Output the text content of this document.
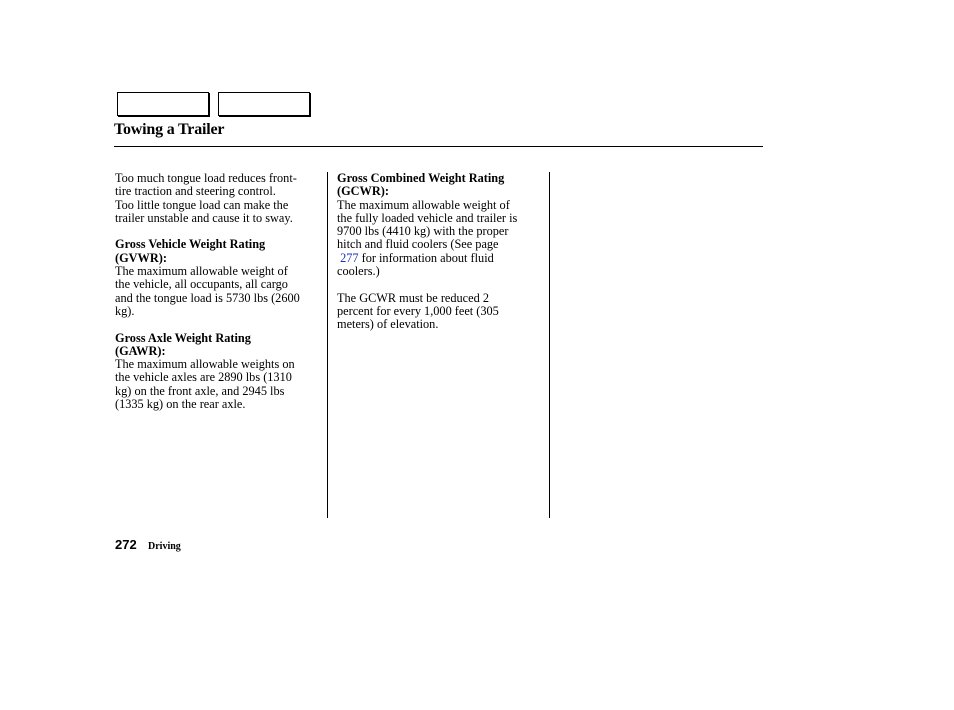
Towing a Trailer

Too much tongue load reduces front-
tire traction and steering control.
Too little tongue load can make the
trailer unstable and cause it to sway.

Gross Vehicle Weight Rating
(GVWR):

The maximum allowable weight of
the vehicle, all occupants, all cargo
and the tongue load is 5730 lbs (2600
kg).

Gross Axle Weight Rating
(GAWR):

The maximum allowable weights on
the vehicle axles are 2890 lbs (1310
kg) on the front axle, and 2945 lbs
(1335 kg) on the rear axle.

Gross Combined Weight Rating
(GCWR):

The maximum allowable weight of
the fully loaded vehicle and trailer is
9700 lbs (4410 kg) with the proper
hitch and fluid coolers (See page
277 for information about fluid
coolers.)

The GCWR must be reduced 2
percent for every 1,000 feet (305
meters) of elevation.

272 Driving
